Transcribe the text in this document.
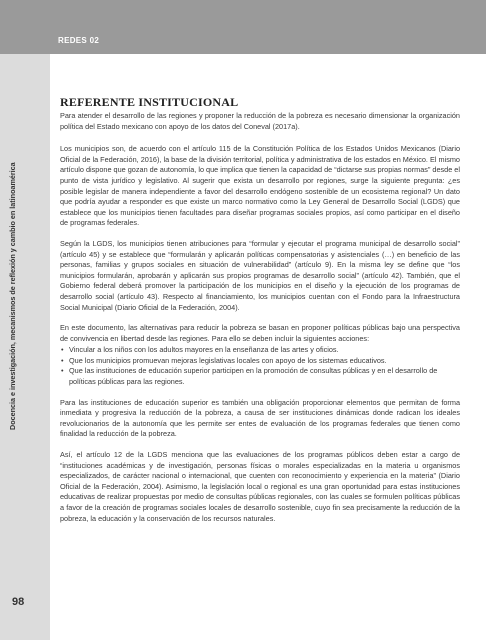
REDES 02
Docencia e investigación, mecanismos de reflexión y cambio en latinoamérica
98
REFERENTE INSTITUCIONAL

Para atender el desarrollo de las regiones y proponer la reducción de la pobreza es necesario dimensionar la organización política del Estado mexicano con apoyo de los datos del Coneval (2017a).

Los municipios son, de acuerdo con el artículo 115 de la Constitución Política de los Estados Unidos Mexicanos (Diario Oficial de la Federación, 2016), la base de la división territorial, política y administrativa de los estados en México. El mismo artículo dispone que gozan de autonomía, lo que implica que tienen la capacidad de “dictarse sus propias normas” desde el punto de vista jurídico y legislativo. Al sugerir que exista un desarrollo por regiones, surge la siguiente pregunta: ¿es posible legislar de manera independiente a favor del desarrollo endógeno sostenible de un ecosistema regional? Un dato que podría ayudar a responder es que existe un marco normativo como la Ley General de Desarrollo Social (LGDS) que establece que los municipios tienen facultades para diseñar programas sociales propios, así como participar en el diseño de programas federales.

Según la LGDS, los municipios tienen atribuciones para “formular y ejecutar el programa municipal de desarrollo social” (artículo 45) y se establece que “formularán y aplicarán políticas compensatorias y asistenciales (…) en beneficio de las personas, familias y grupos sociales en situación de vulnerabilidad” (artículo 9). En la misma ley se define que “los municipios formularán, aprobarán y aplicarán sus propios programas de desarrollo social” (artículo 42). También, que el Gobierno federal deberá promover la participación de los municipios en el diseño y la ejecución de los programas de desarrollo social (artículo 43). Respecto al financiamiento, los municipios cuentan con el Fondo para la Infraestructura Social Municipal (Diario Oficial de la Federación, 2004).

En este documento, las alternativas para reducir la pobreza se basan en proponer políticas públicas bajo una perspectiva de convivencia en libertad desde las regiones. Para ello se deben incluir la siguientes acciones:

• Vincular a los niños con los adultos mayores en la enseñanza de las artes y oficios.
• Que los municipios promuevan mejoras legislativas locales con apoyo de los sistemas educativos.
• Que las instituciones de educación superior participen en la promoción de consultas públicas y en el desarrollo de políticas públicas para las regiones.

Para las instituciones de educación superior es también una obligación proporcionar elementos que permitan de forma inmediata y progresiva la reducción de la pobreza, a causa de ser instituciones dinámicas donde radican los ideales revolucionarios de la autonomía que les permite ser entes de evaluación de los programas federales que tienen como finalidad la reducción de la pobreza.

Así, el artículo 12 de la LGDS menciona que las evaluaciones de los programas públicos deben estar a cargo de “instituciones académicas y de investigación, personas físicas o morales especializadas en la materia u organismos especializados, de carácter nacional o internacional, que cuenten con reconocimiento y experiencia en la materia” (Diario Oficial de la Federación, 2004). Asimismo, la legislación local o regional es una gran oportunidad para estas instituciones educativas de realizar propuestas por medio de consultas públicas regionales, con las cuales se formulen políticas públicas a favor de la creación de programas sociales locales de desarrollo sostenible, cuyo fin sea precisamente la reducción de la pobreza, la educación y la conservación de los recursos naturales.
